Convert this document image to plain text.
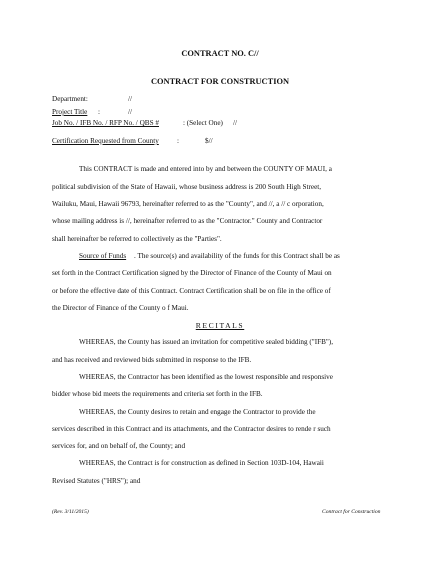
CONTRACT NO. C//
CONTRACT FOR CONSTRUCTION
Department:	//
Project Title :	//
Job No. / IFB No. / RFP No. / QBS #	: (Select One) //
Certification Requested from County	:	$//
This CONTRACT is made and entered into by and between the COUNTY OF MAUI, a
political subdivision of the State of Hawaii, whose business address is 200 South High Street,
Wailuku, Maui, Hawaii 96793, hereinafter referred to as the "County", and //, a // c orporation,
whose mailing address is //, hereinafter referred to as the "Contractor." County and Contractor
shall hereinafter be referred to collectively as the "Parties".
Source of Funds . The source(s) and availability of the funds for this Contract shall be as
set forth in the Contract Certification signed by the Director of Finance of the County of Maui on
or before the effective date of this Contract. Contract Certification shall be on file in the office of
the Director of Finance of the County o f Maui.
RECITALS
WHEREAS, the County has issued an invitation for competitive sealed bidding ("IFB"),
and has received and reviewed bids submitted in response to the IFB.
WHEREAS, the Contractor has been identified as the lowest responsible and responsive
bidder whose bid meets the requirements and criteria set forth in the IFB.
WHEREAS, the County desires to retain and engage the Contractor to provide the
services described in this Contract and its attachments, and the Contractor desires to rende r such
services for, and on behalf of, the County; and
WHEREAS, the Contract is for construction as defined in Section 103D-104, Hawaii
Revised Statutes ("HRS"); and
(Rev. 3/11/2015)	Contract for Construction
